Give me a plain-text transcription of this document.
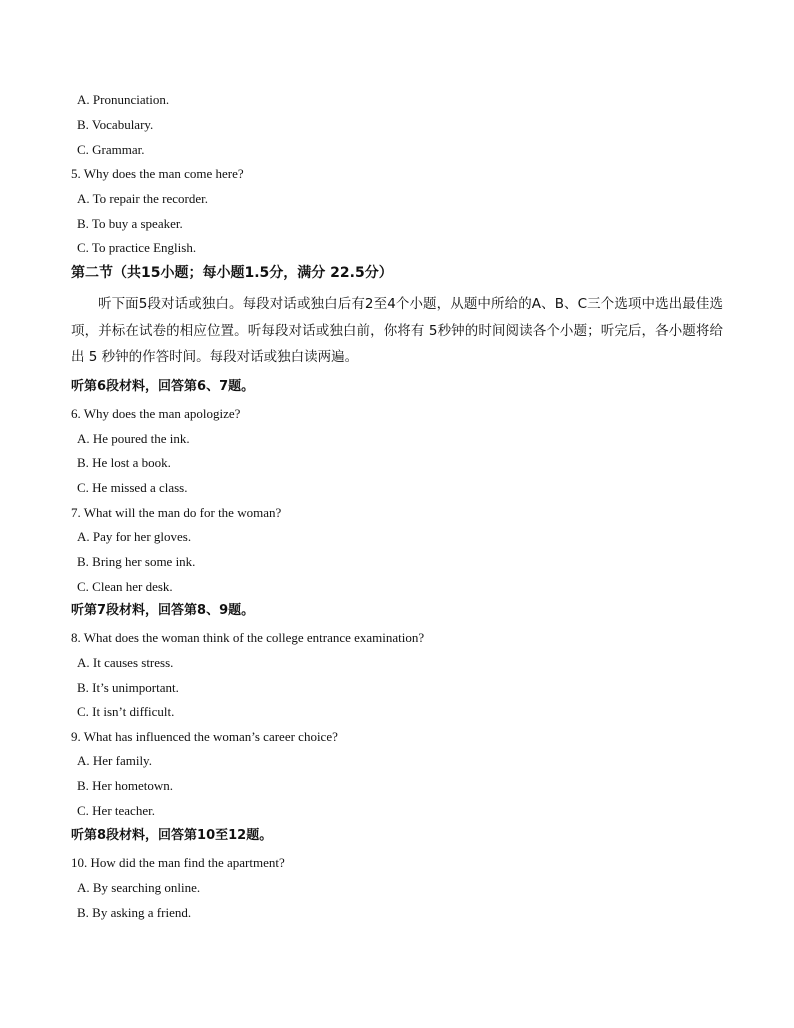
A. Pronunciation.
B. Vocabulary.
C. Grammar.
5. Why does the man come here?
A. To repair the recorder.
B. To buy a speaker.
C. To practice English.
第二节（共15小题；每小题1.5分，满分 22.5分）
听下面5段对话或独白。每段对话或独白后有2至4个小题，从题中所给的A、B、C三个选项中选出最佳选项，并标在试卷的相应位置。听每段对话或独白前，你将有 5秒钟的时间阅读各个小题；听完后，各小题将给出 5 秒钟的作答时间。每段对话或独白读两遍。
听第6段材料，回答第6、7题。
6. Why does the man apologize?
A. He poured the ink.
B. He lost a book.
C. He missed a class.
7. What will the man do for the woman?
A. Pay for her gloves.
B. Bring her some ink.
C. Clean her desk.
听第7段材料，回答第8、9题。
8. What does the woman think of the college entrance examination?
A. It causes stress.
B. It’s unimportant.
C. It isn’t difficult.
9. What has influenced the woman’s career choice?
A. Her family.
B. Her hometown.
C. Her teacher.
听第8段材料，回答第10至12题。
10. How did the man find the apartment?
A. By searching online.
B. By asking a friend.
